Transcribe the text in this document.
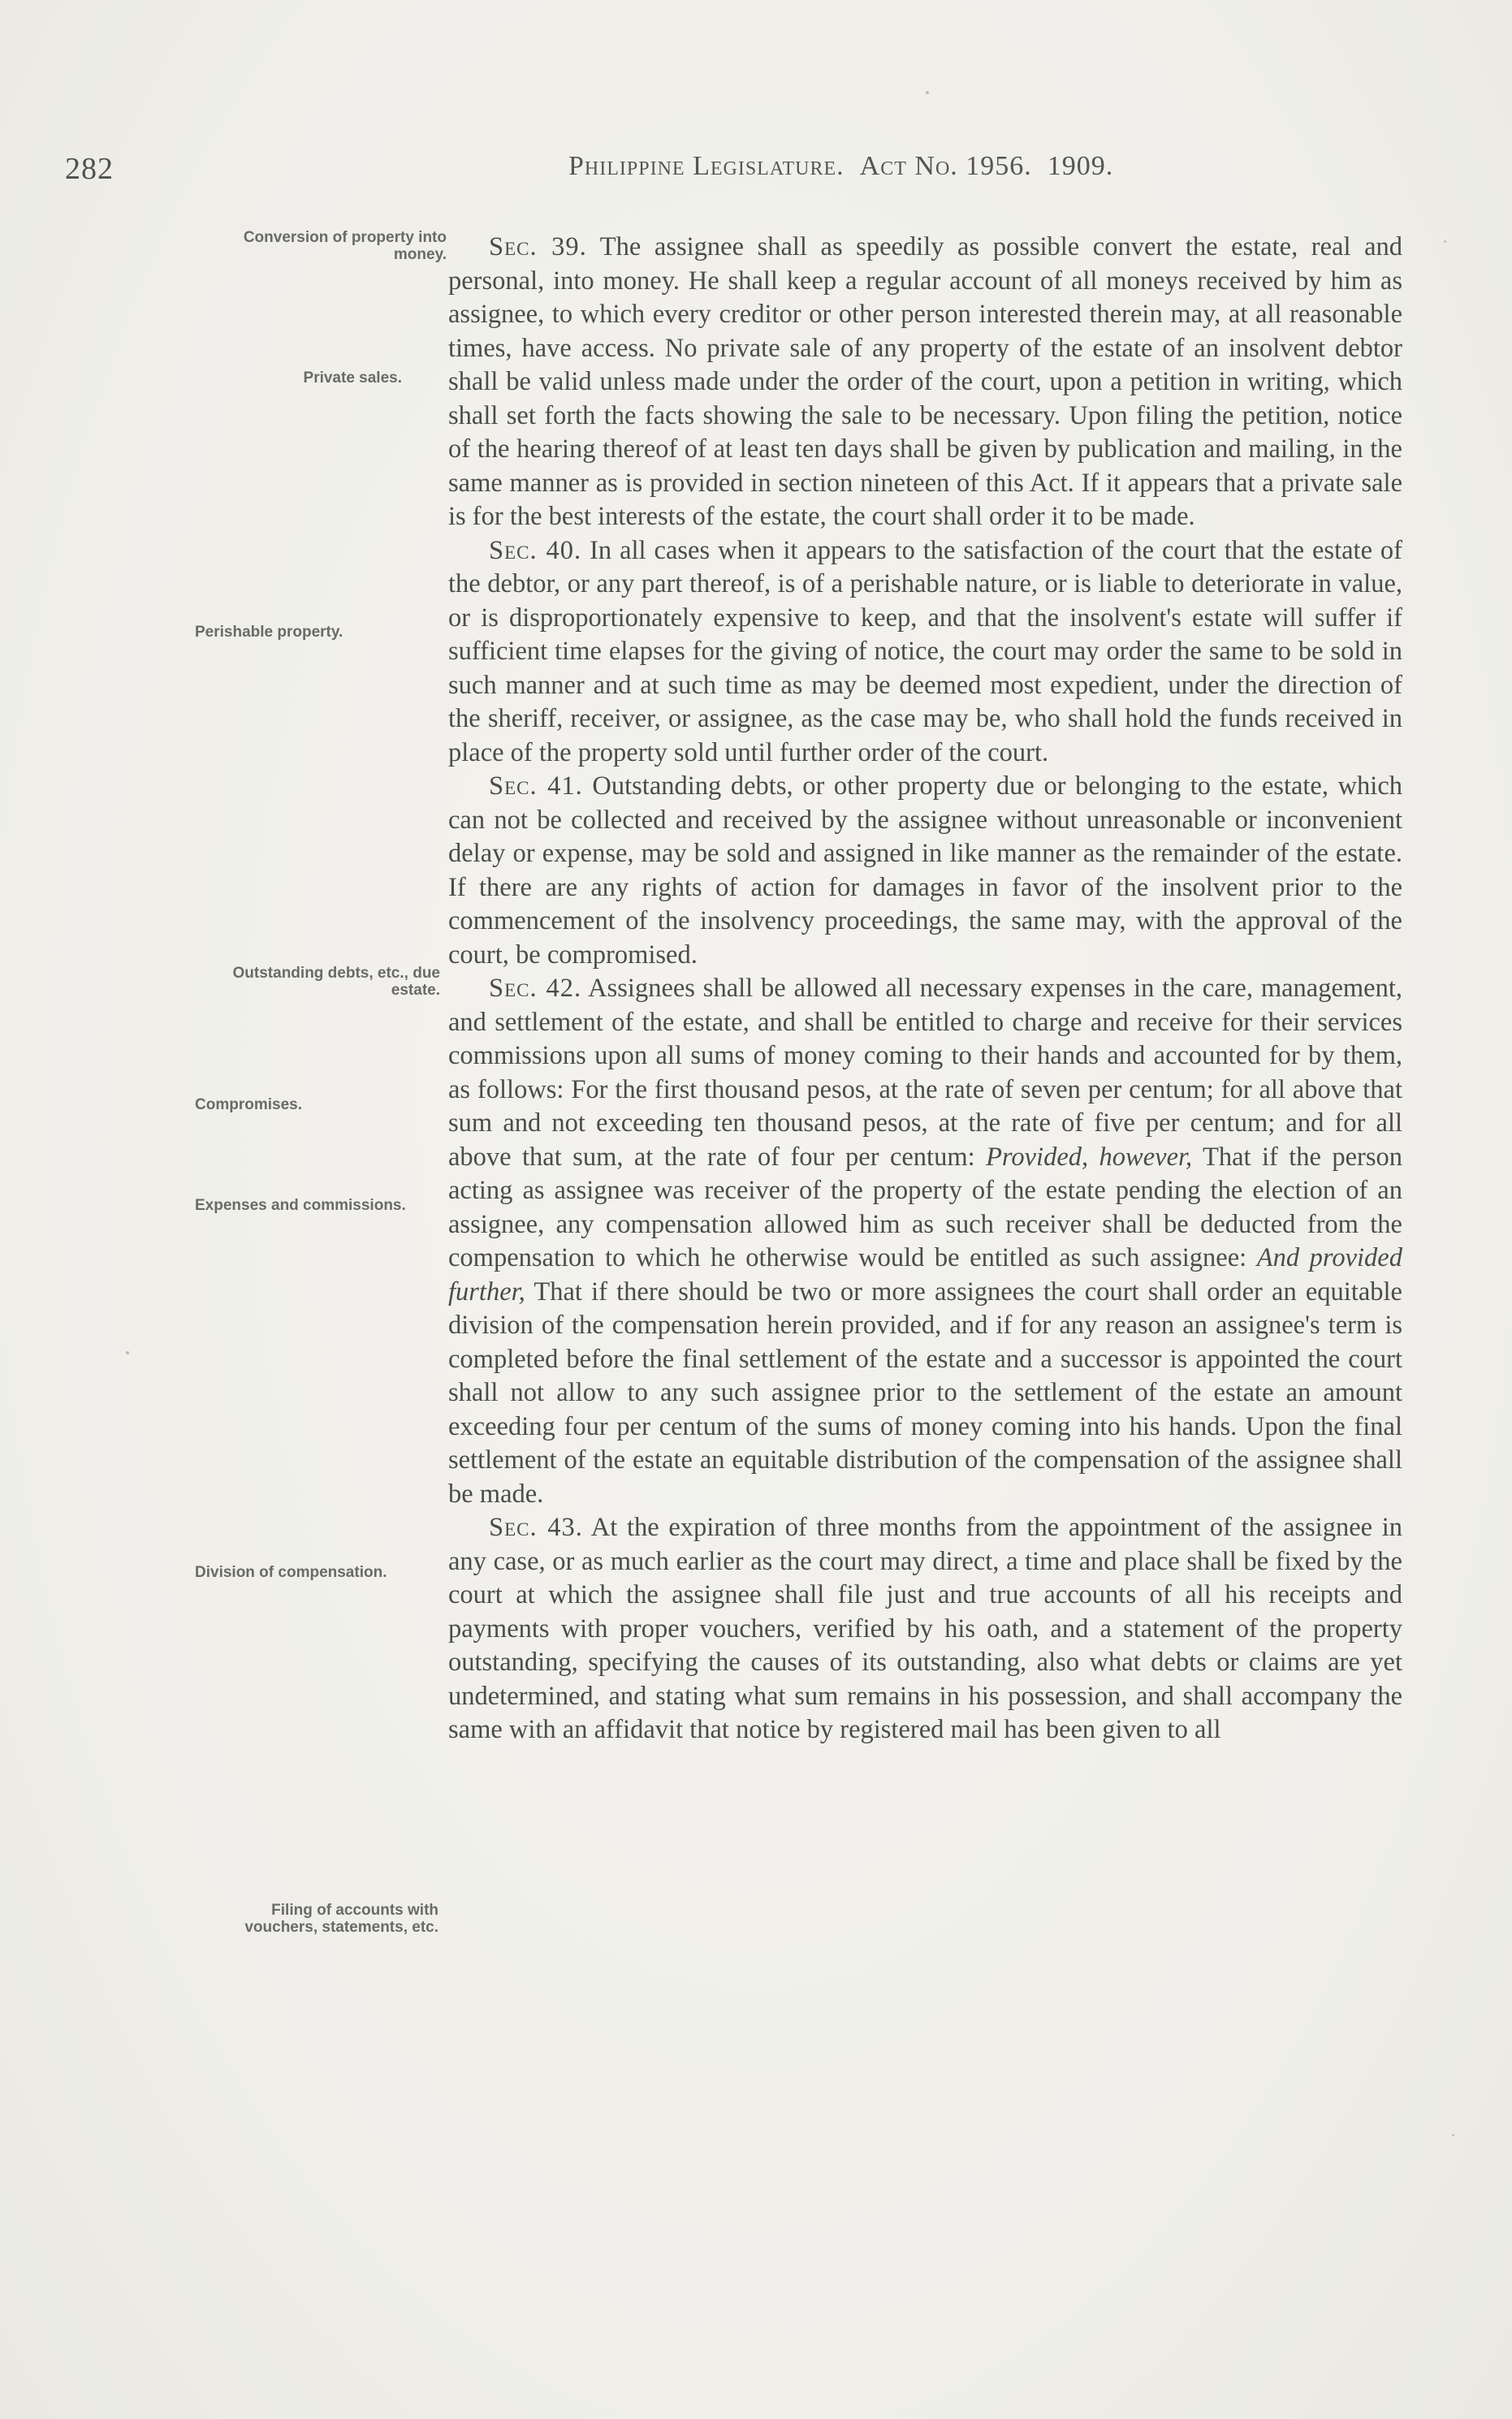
282	Philippine Legislature. Act No. 1956. 1909.
Conversion of property into money.
Private sales.
Perishable property.
Outstanding debts, etc., due estate.
Compromises.
Expenses and commissions.
Division of compensation.
Filing of accounts with vouchers, statements, etc.

Sec. 39. The assignee shall as speedily as possible convert the estate, real and personal, into money. He shall keep a regular account of all moneys received by him as assignee, to which every creditor or other person interested therein may, at all reasonable times, have access. No private sale of any property of the estate of an insolvent debtor shall be valid unless made under the order of the court, upon a petition in writing, which shall set forth the facts showing the sale to be necessary. Upon filing the petition, notice of the hearing thereof of at least ten days shall be given by publication and mailing, in the same manner as is provided in section nineteen of this Act. If it appears that a private sale is for the best interests of the estate, the court shall order it to be made.

Sec. 40. In all cases when it appears to the satisfaction of the court that the estate of the debtor, or any part thereof, is of a perishable nature, or is liable to deteriorate in value, or is disproportionately expensive to keep, and that the insolvent's estate will suffer if sufficient time elapses for the giving of notice, the court may order the same to be sold in such manner and at such time as may be deemed most expedient, under the direction of the sheriff, receiver, or assignee, as the case may be, who shall hold the funds received in place of the property sold until further order of the court.

Sec. 41. Outstanding debts, or other property due or belonging to the estate, which can not be collected and received by the assignee without unreasonable or inconvenient delay or expense, may be sold and assigned in like manner as the remainder of the estate. If there are any rights of action for damages in favor of the insolvent prior to the commencement of the insolvency proceedings, the same may, with the approval of the court, be compromised.

Sec. 42. Assignees shall be allowed all necessary expenses in the care, management, and settlement of the estate, and shall be entitled to charge and receive for their services commissions upon all sums of money coming to their hands and accounted for by them, as follows: For the first thousand pesos, at the rate of seven per centum; for all above that sum and not exceeding ten thousand pesos, at the rate of five per centum; and for all above that sum, at the rate of four per centum: Provided, however, That if the person acting as assignee was receiver of the property of the estate pending the election of an assignee, any compensation allowed him as such receiver shall be deducted from the compensation to which he otherwise would be entitled as such assignee: And provided further, That if there should be two or more assignees the court shall order an equitable division of the compensation herein provided, and if for any reason an assignee's term is completed before the final settlement of the estate and a successor is appointed the court shall not allow to any such assignee prior to the settlement of the estate an amount exceeding four per centum of the sums of money coming into his hands. Upon the final settlement of the estate an equitable distribution of the compensation of the assignee shall be made.

Sec. 43. At the expiration of three months from the appointment of the assignee in any case, or as much earlier as the court may direct, a time and place shall be fixed by the court at which the assignee shall file just and true accounts of all his receipts and payments with proper vouchers, verified by his oath, and a statement of the property outstanding, specifying the causes of its outstanding, also what debts or claims are yet undetermined, and stating what sum remains in his possession, and shall accompany the same with an affidavit that notice by registered mail has been given to all
